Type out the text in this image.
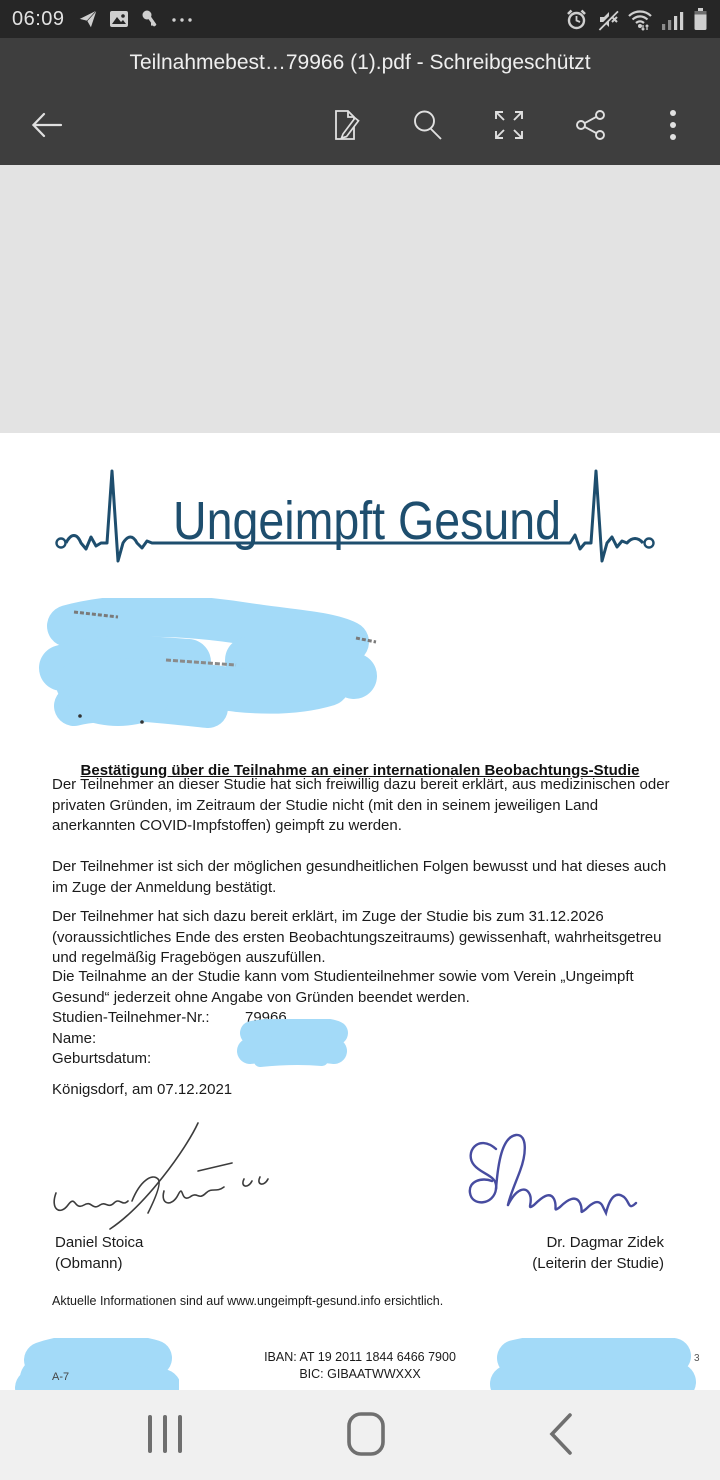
06:09
Teilnahmebest…79966 (1).pdf - Schreibgeschützt
Ungeimpft Gesund
Bestätigung über die Teilnahme an einer internationalen Beobachtungs-Studie

Der Teilnehmer an dieser Studie hat sich freiwillig dazu bereit erklärt, aus medizinischen oder privaten Gründen, im Zeitraum der Studie nicht (mit den in seinem jeweiligen Land anerkannten COVID-Impfstoffen) geimpft zu werden.

Der Teilnehmer ist sich der möglichen gesundheitlichen Folgen bewusst und hat dieses auch im Zuge der Anmeldung bestätigt.

Der Teilnehmer hat sich dazu bereit erklärt, im Zuge der Studie bis zum 31.12.2026 (voraussichtliches Ende des ersten Beobachtungszeitraums) gewissenhaft, wahrheitsgetreu und regelmäßig Fragebögen auszufüllen.

Die Teilnahme an der Studie kann vom Studienteilnehmer sowie vom Verein „Ungeimpft Gesund“ jederzeit ohne Angabe von Gründen beendet werden.

Studien-Teilnehmer-Nr.:	79966
Name:
Geburtsdatum:
Königsdorf, am 07.12.2021
Daniel Stoica
(Obmann)
Dr. Dagmar Zidek
(Leiterin der Studie)
Aktuelle Informationen sind auf www.ungeimpft-gesund.info ersichtlich.
IBAN: AT 19 2011 1844 6466 7900
BIC: GIBAATWWXXX
A-7
3
